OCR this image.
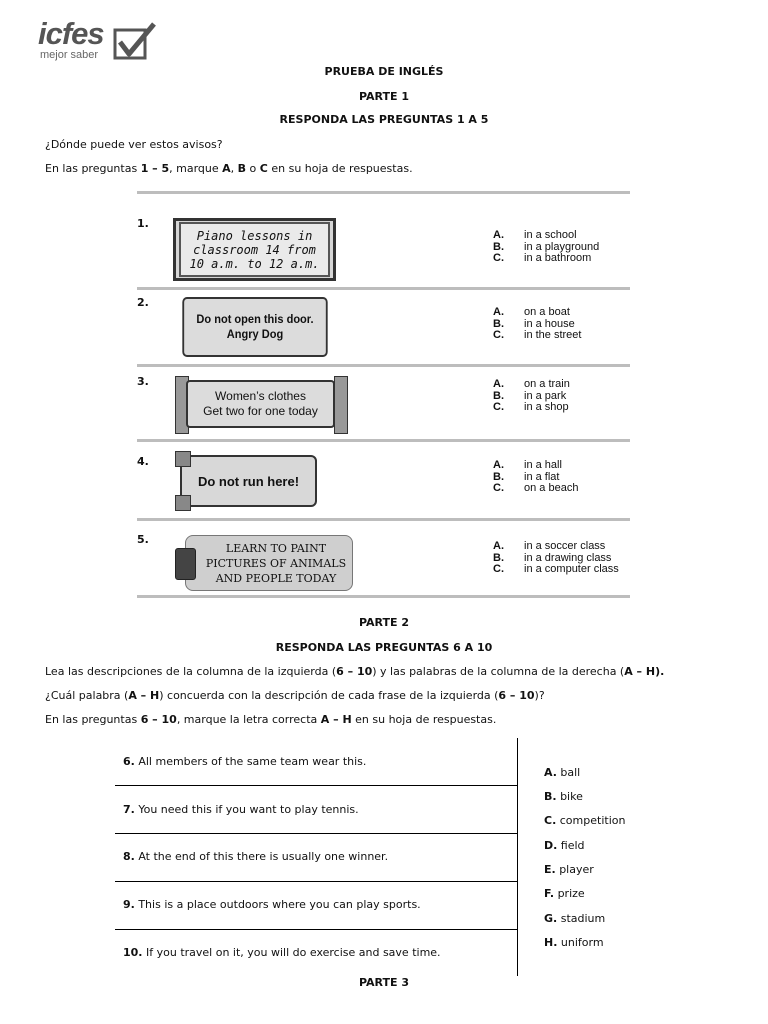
icfes
mejor saber
PRUEBA DE INGLÉS
PARTE 1
RESPONDA LAS PREGUNTAS 1 A 5
¿Dónde puede ver estos avisos?
En las preguntas 1 – 5, marque A, B o C en su hoja de respuestas.
1.
Piano lessons in
classroom 14 from
10 a.m. to 12 a.m.
A. in a school
B. in a playground
C. in a bathroom
2.
Do not open this door.
Angry Dog
A. on a boat
B. in a house
C. in the street
3.
Women’s clothes
Get two for one today
A. on a train
B. in a park
C. in a shop
4.
Do not run here!
A. in a hall
B. in a flat
C. on a beach
5.
LEARN TO PAINT
PICTURES OF ANIMALS
AND PEOPLE TODAY
A. in a soccer class
B. in a drawing class
C. in a computer class
PARTE 2
RESPONDA LAS PREGUNTAS 6 A 10
Lea las descripciones de la columna de la izquierda (6 – 10) y las palabras de la columna de la derecha (A – H).
¿Cuál palabra (A – H) concuerda con la descripción de cada frase de la izquierda (6 – 10)?
En las preguntas 6 – 10, marque la letra correcta A – H en su hoja de respuestas.
6. All members of the same team wear this.
7. You need this if you want to play tennis.
8. At the end of this there is usually one winner.
9. This is a place outdoors where you can play sports.
10. If you travel on it, you will do exercise and save time.
A. ball
B. bike
C. competition
D. field
E. player
F. prize
G. stadium
H. uniform
PARTE 3
